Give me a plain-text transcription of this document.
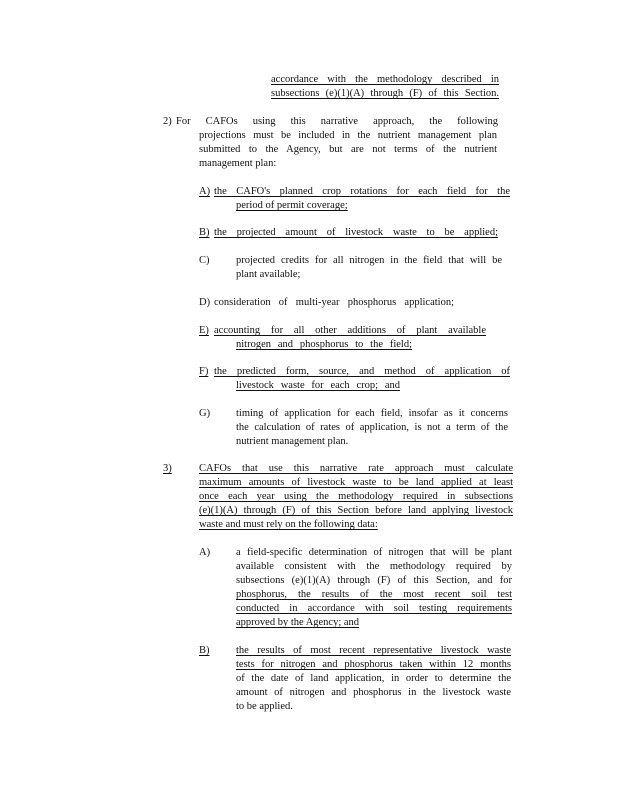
accordance with the methodology described in
subsections (e)(1)(A) through (F) of this Section.
2) For CAFOs using this narrative approach, the following
projections must be included in the nutrient management plan
submitted to the Agency, but are not terms of the nutrient
management plan:
A) the CAFO's planned crop rotations for each field for the
period of permit coverage;
B) the projected amount of livestock waste to be applied;
C)	projected credits for all nitrogen in the field that will be
plant available;
D) consideration of multi-year phosphorus application;
E) accounting for all other additions of plant available
nitrogen and phosphorus to the field;
F) the predicted form, source, and method of application of
livestock waste for each crop; and
G) timing of application for each field, insofar as it concerns
the calculation of rates of application, is not a term of the
nutrient management plan.
3)	CAFOs that use this narrative rate approach must calculate
maximum amounts of livestock waste to be land applied at least
once each year using the methodology required in subsections
(e)(1)(A) through (F) of this Section before land applying livestock
waste and must rely on the following data:
A) a field-specific determination of nitrogen that will be plant
available consistent with the methodology required by
subsections (e)(1)(A) through (F) of this Section, and for
phosphorus, the results of the most recent soil test
conducted in accordance with soil testing requirements
approved by the Agency; and
B)	the results of most recent representative livestock waste
tests for nitrogen and phosphorus taken within 12 months
of the date of land application, in order to determine the
amount of nitrogen and phosphorus in the livestock waste
to be applied.
